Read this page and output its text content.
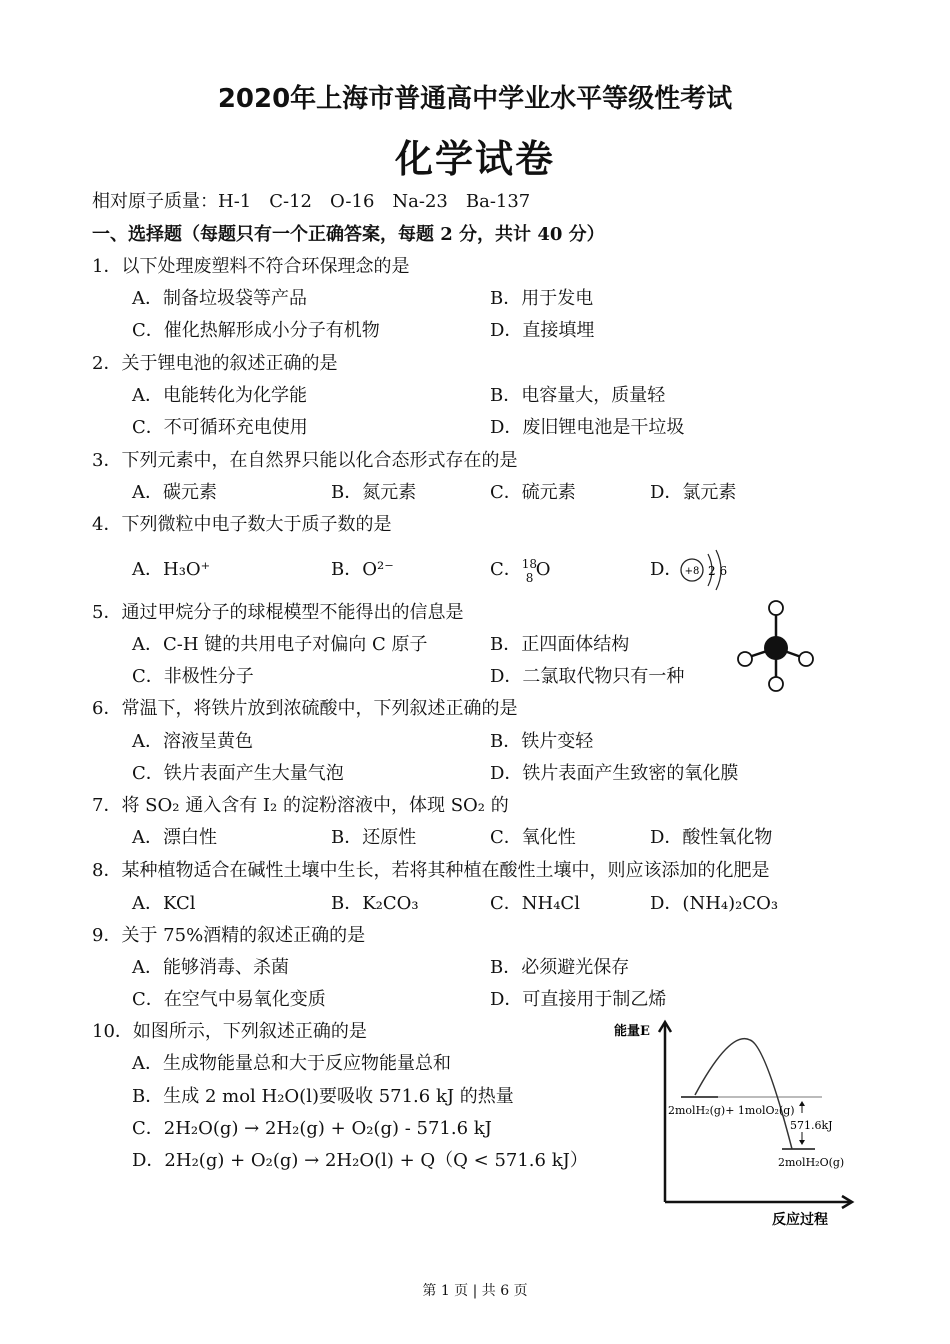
2020年上海市普通高中学业水平等级性考试
化学试卷
相对原子质量：H-1　C-12　O-16　Na-23　Ba-137
一、选择题（每题只有一个正确答案，每题 2 分，共计 40 分）
1．以下处理废塑料不符合环保理念的是
A．制备垃圾袋等产品	B．用于发电
C．催化热解形成小分子有机物	D．直接填埋
2．关于锂电池的叙述正确的是
A．电能转化为化学能	B．电容量大，质量轻
C．不可循环充电使用	D．废旧锂电池是干垃圾
3．下列元素中，在自然界只能以化合态形式存在的是
A．碳元素	B．氮元素	C．硫元素	D．氯元素
4．下列微粒中电子数大于质子数的是
A．H₃O⁺	B．O²⁻	C． 18
8 O	D． +8 2 6
5．通过甲烷分子的球棍模型不能得出的信息是
A．C-H 键的共用电子对偏向 C 原子	B．正四面体结构
C．非极性分子	D．二氯取代物只有一种
6．常温下，将铁片放到浓硫酸中，下列叙述正确的是
A．溶液呈黄色	B．铁片变轻
C．铁片表面产生大量气泡	D．铁片表面产生致密的氧化膜
7．将 SO₂ 通入含有 I₂ 的淀粉溶液中，体现 SO₂ 的
A．漂白性	B．还原性	C．氧化性	D．酸性氧化物
8．某种植物适合在碱性土壤中生长，若将其种植在酸性土壤中，则应该添加的化肥是
A．KCl	B．K₂CO₃	C．NH₄Cl	D．(NH₄)₂CO₃
9．关于 75%酒精的叙述正确的是
A．能够消毒、杀菌	B．必须避光保存
C．在空气中易氧化变质	D．可直接用于制乙烯
10．如图所示，下列叙述正确的是
A．生成物能量总和大于反应物能量总和
B．生成 2 mol H₂O(l)要吸收 571.6 kJ 的热量
C．2H₂O(g) → 2H₂(g) + O₂(g) - 571.6 kJ
D．2H₂(g) + O₂(g) → 2H₂O(l) + Q（Q < 571.6 kJ）
能量E
2molH₂(g)+ 1molO₂(g)
571.6kJ
2molH₂O(g)
反应过程
第 1 页 | 共 6 页
